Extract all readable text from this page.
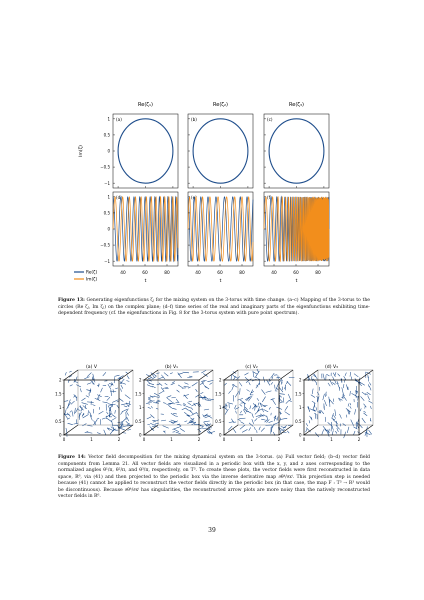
Re(ζ₁)	Re(ζ₂)	Re(ζ₃)
Im(ζ)
(a)
1
0.5
0
−0.5
−1
(b)	(c)
(d)
1
0.5
0
−0.5
−1
40	60	80
t
(e)
40	60	80
t
(f)
40	60	80
t
Re(ζ)
Im(ζ)
Figure 13: Generating eigenfunctions ζⱼ for the mixing system on the 3-torus with time change. (a–c) Mapping of the 3-torus to the circles (Re ζⱼ, Im ζⱼ) on the complex plane; (d–f) time series of the real and imaginary parts of the eigenfunctions exhibiting time-dependent frequency (cf. the eigenfunctions in Fig. 8 for the 3-torus system with pure point spectrum).
(a) V
2
1.5
1
0.5
0
0	1	2
(b) V₁
2
1.5
1
0.5
0
0	1	2
(c) V₂
2
1.5
1
0.5
0
0	1	2
(d) V₃
2
1.5
1
0.5
0
0	1	2
Figure 14: Vector field decomposition for the mixing dynamical system on the 3-torus. (a) Full vector field; (b–d) vector field components from Lemma 21. All vector fields are visualized in a periodic box with the x, y, and z axes corresponding to the normalized angles θ¹/π, θ²/π, and θ³/π, respectively, on T³. To create these plots, the vector fields were first reconstructed in data space, R⁶, via (41) and then projected to the periodic box via the inverse derivative map ∂θᵏ/∂xⁱ. This projection step is needed because (41) cannot be applied to reconstruct the vector fields directly in the periodic box (in that case, the map F : T³ → R³ would be discontinuous). Because ∂θᵏ/∂xⁱ has singularities, the reconstructed arrow plots are more noisy than the natively reconstructed vector fields in R⁶.
39
